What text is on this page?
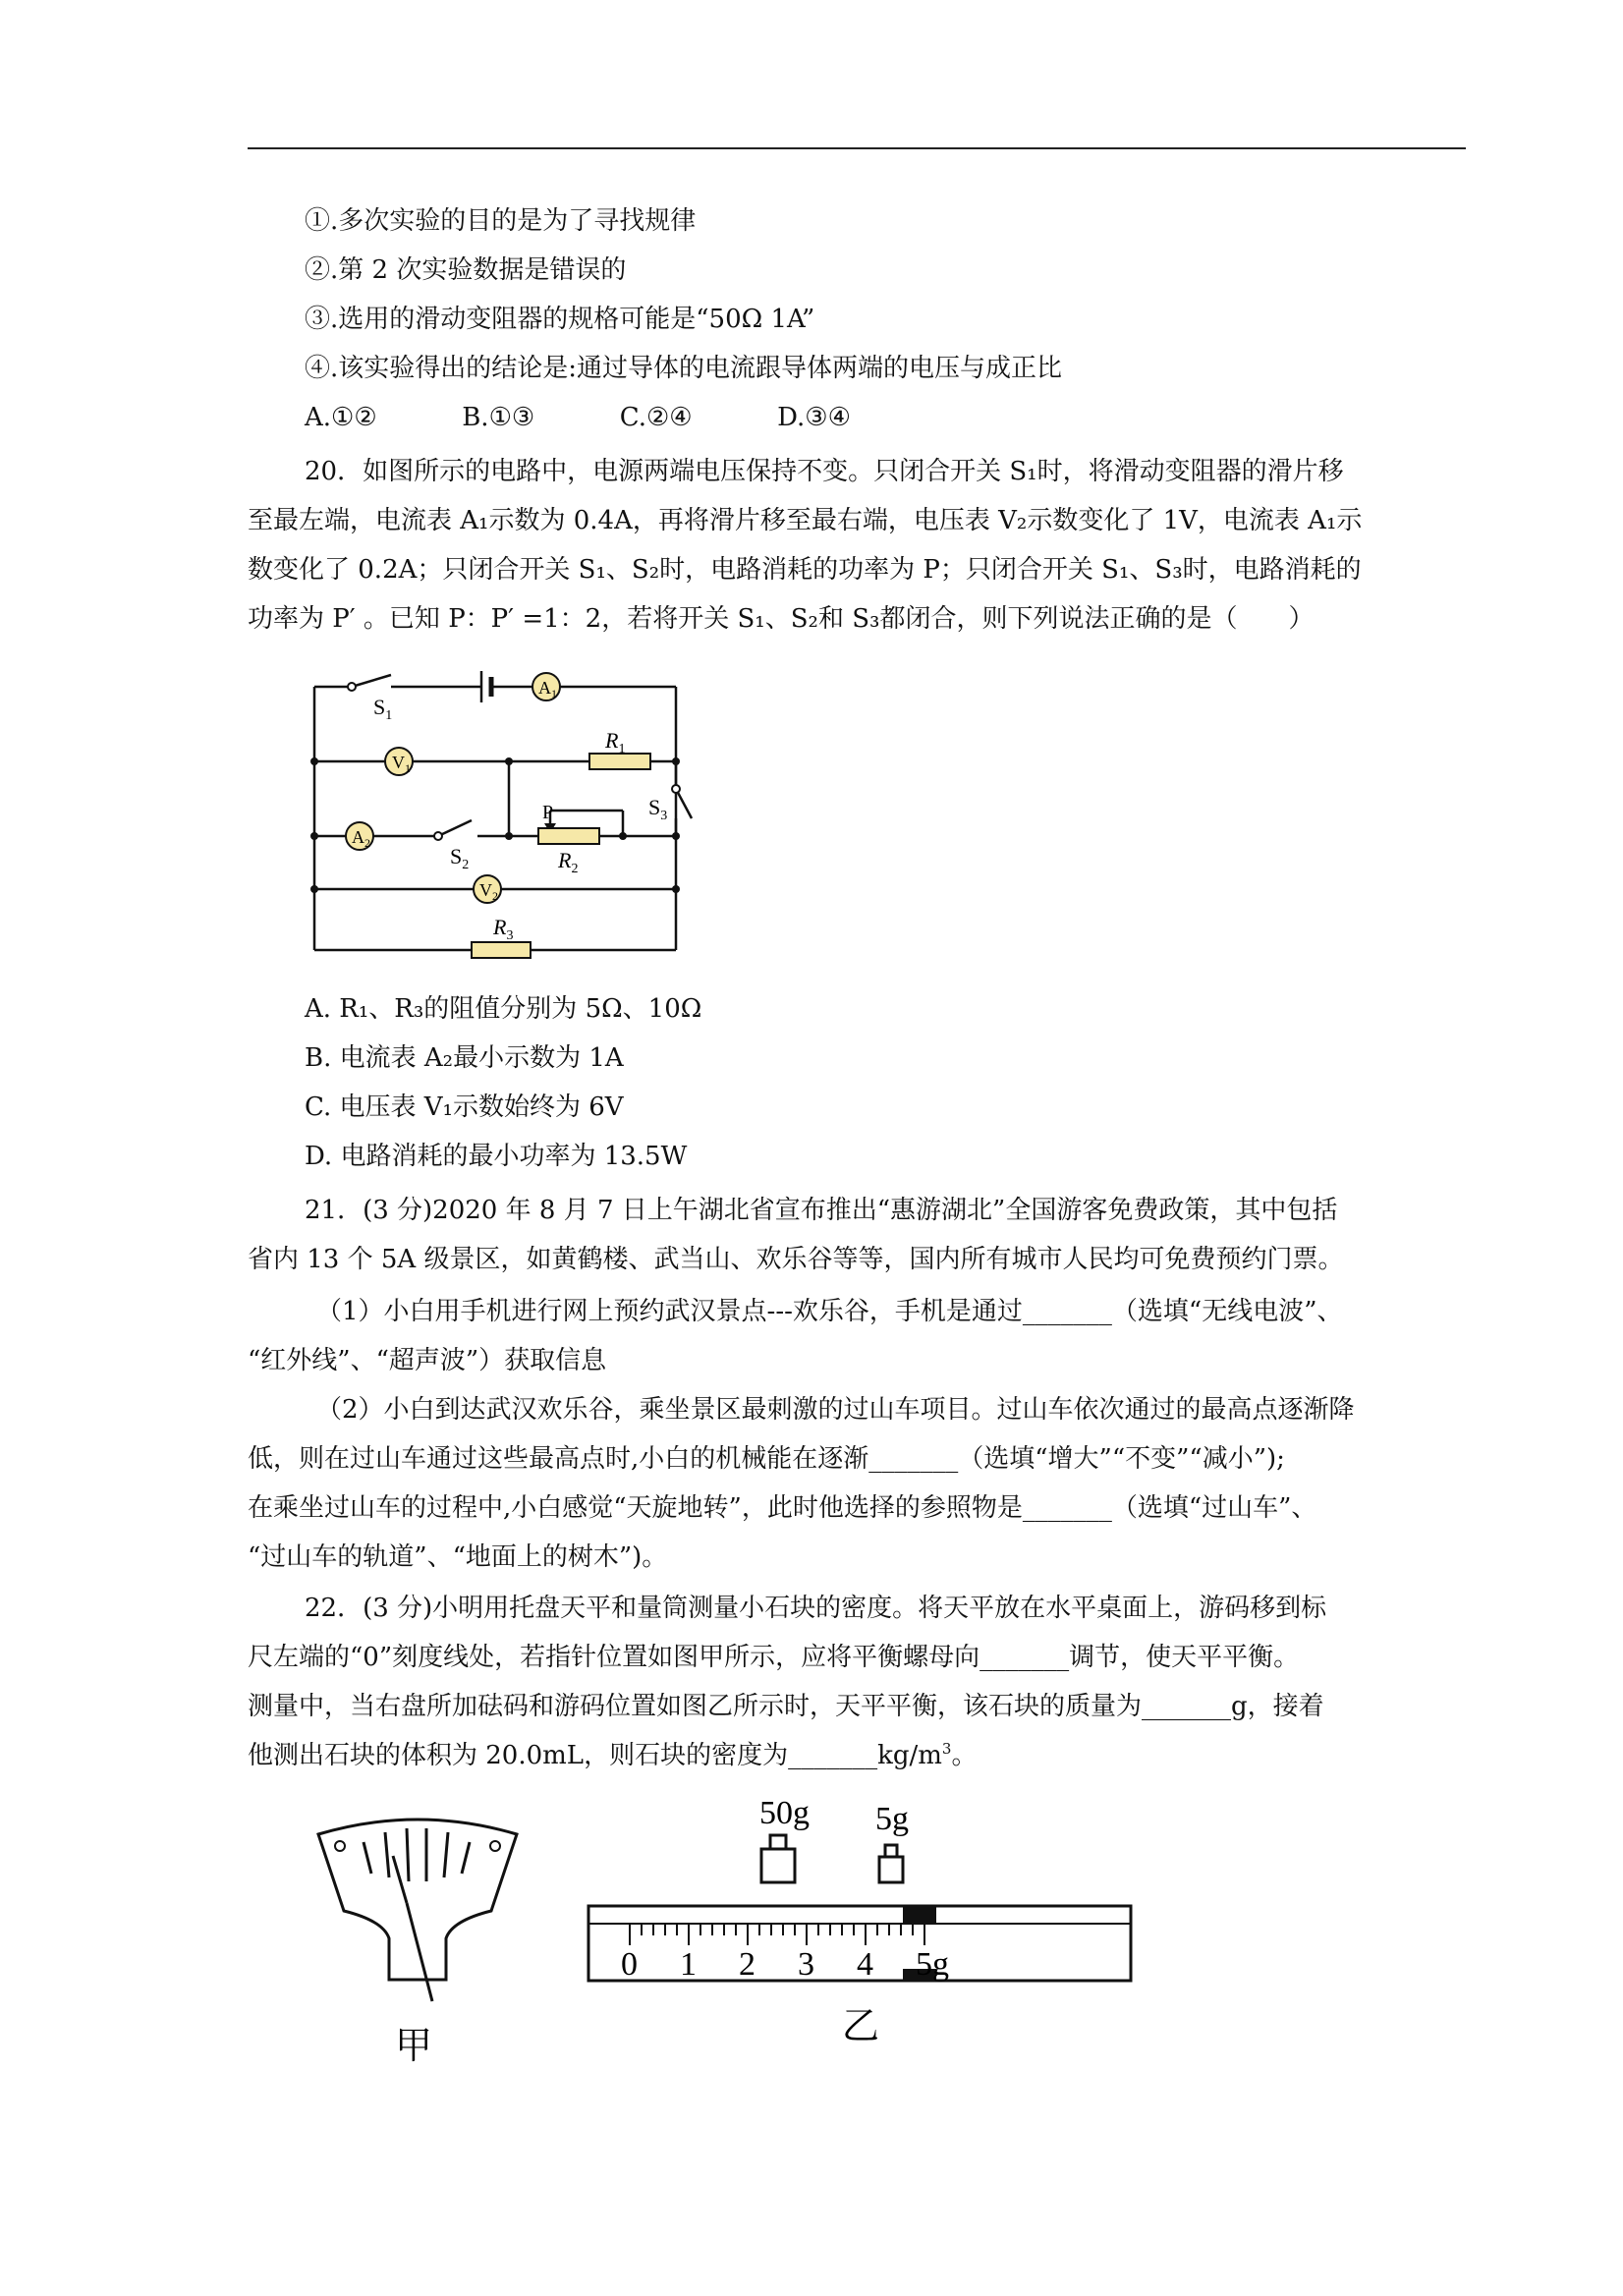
①.多次实验的目的是为了寻找规律
②.第 2 次实验数据是错误的
③.选用的滑动变阻器的规格可能是“50Ω 1A”
④.该实验得出的结论是:通过导体的电流跟导体两端的电压与成正比
A.①②	B.①③	C.②④	D.③④
20．如图所示的电路中，电源两端电压保持不变。只闭合开关 S₁时，将滑动变阻器的滑片移
至最左端，电流表 A₁示数为 0.4A，再将滑片移至最右端，电压表 V₂示数变化了 1V，电流表 A₁示
数变化了 0.2A；只闭合开关 S₁、S₂时，电路消耗的功率为 P；只闭合开关 S₁、S₃时，电路消耗的
功率为 P′ 。已知 P：P′ =1：2，若将开关 S₁、S₂和 S₃都闭合，则下列说法正确的是（　　）
$A_1$
$V_1$
$A_2$
$V_2$
$S_1$
$S_2$
$S_3$
$R_1$
$R_2$
$R_3$
P
A. R₁、R₃的阻值分别为 5Ω、10Ω
B. 电流表 A₂最小示数为 1A
C. 电压表 V₁示数始终为 6V
D. 电路消耗的最小功率为 13.5W
21．(3 分)2020 年 8 月 7 日上午湖北省宣布推出“惠游湖北”全国游客免费政策，其中包括
省内 13 个 5A 级景区，如黄鹤楼、武当山、欢乐谷等等，国内所有城市人民均可免费预约门票。
（1）小白用手机进行网上预约武汉景点---欢乐谷，手机是通过_______（选填“无线电波”、
“红外线”、“超声波”）获取信息
（2）小白到达武汉欢乐谷，乘坐景区最刺激的过山车项目。过山车依次通过的最高点逐渐降
低，则在过山车通过这些最高点时,小白的机械能在逐渐_______（选填“增大”“不变”“减小”);
在乘坐过山车的过程中,小白感觉“天旋地转”，此时他选择的参照物是_______（选填“过山车”、
“过山车的轨道”、“地面上的树木”)。
22．(3 分)小明用托盘天平和量筒测量小石块的密度。将天平放在水平桌面上，游码移到标
尺左端的“0”刻度线处，若指针位置如图甲所示，应将平衡螺母向_______调节，使天平平衡。
测量中，当右盘所加砝码和游码位置如图乙所示时，天平平衡，该石块的质量为_______g，接着
他测出石块的体积为 20.0mL，则石块的密度为$\_\_\_\_\_\_\_kg/m^3$。
甲
50g 5g
0 1 2 3 4 5g
乙
